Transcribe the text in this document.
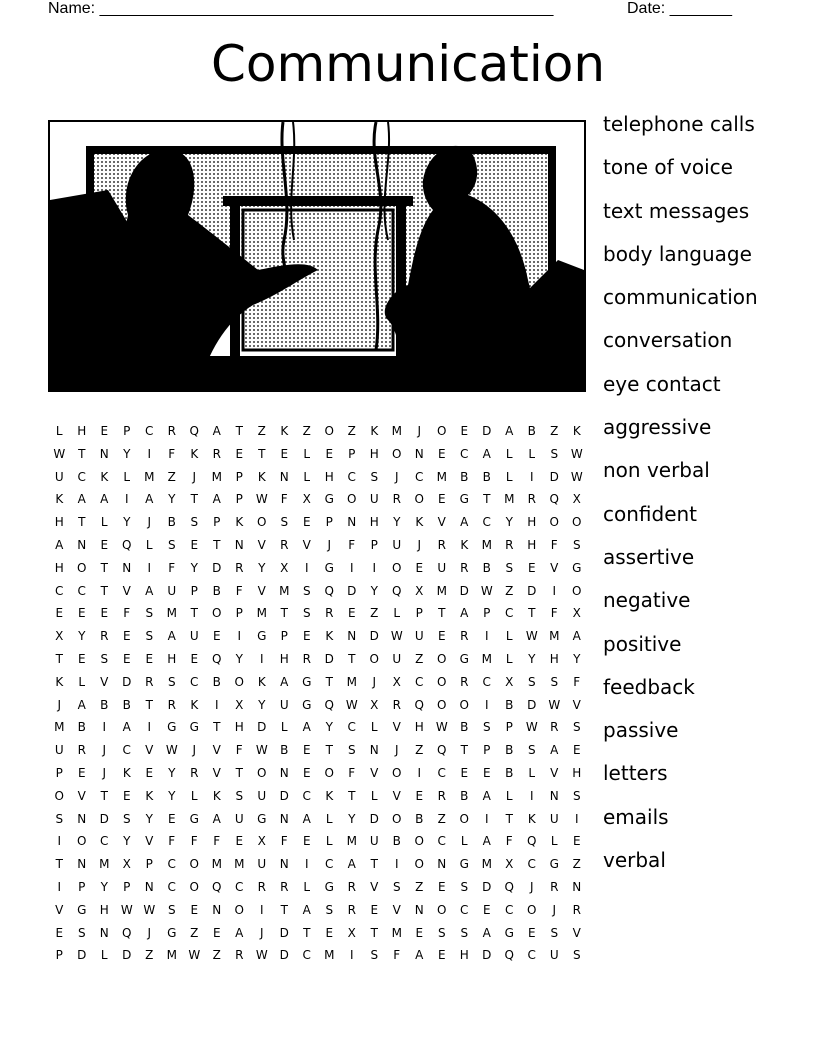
Name: ___________________________________________________	Date: _______
Communication
telephone calls
tone of voice
text messages
body language
communication
conversation
eye contact
aggressive
non verbal
confident
assertive
negative
positive
feedback
passive
letters
emails
verbal
L	H	E	P	C	R	Q	A	T	Z	K	Z	O	Z	K	M	J	O	E	D	A	B	Z	K
W	T	N	Y	I	F	K	R	E	T	E	L	E	P	H	O	N	E	C	A	L	L	S	W
U	C	K	L	M	Z	J	M	P	K	N	L	H	C	S	J	C	M	B	B	L	I	D W
K	A	A	I	A	Y	T	A	P	W	F	X	G	O	U	R	O	E	G	T	M	R	Q	X
H	T	L	Y	J	B	S	P	K	O	S	E	P	N	H	Y	K	V	A	C	Y	H	O	O
A	N	E	Q	L	S	E	T	N	V	R	V	J	F	P	U	J	R	K	M	R	H	F	S
H	O	T	N	I	F	Y	D	R	Y	X	I	G	I	I	O	E	U	R	B	S	E	V	G
C	C	T	V	A	U	P	B	F	V	M	S	Q	D	Y	Q	X	M	D W	Z	D	I	O
E	E	E	F	S	M	T	O	P	M	T	S	R	E	Z	L	P	T	A	P	C	T	F	X
X	Y	R	E	S	A	U	E	I	G	P	E	K	N	D W	U	E	R	I	L	W M	A
T	E	S	E	E	H	E	Q	Y	I	H	R	D	T	O	U	Z	O	G	M	L	Y	H	Y
K	L	V	D	R	S	C	B	O	K	A	G	T	M	J	X	C	O	R	C	X	S	S	F
J	A	B	B	T	R	K	I	X	Y	U	G	Q W	X	R	Q	O	O	I	B	D W	V
M	B	I	A	I	G	G	T	H	D	L	A	Y	C	L	V	H	W	B	S	P	W	R	S
U	R	J	C	V	W	J	V	F	W	B	E	T	S	N	J	Z	Q	T	P	B	S	A	E
P	E	J	K	E	Y	R	V	T	O	N	E	O	F	V	O	I	C	E	E	B	L	V	H
O	V	T	E	K	Y	L	K	S	U	D	C	K	T	L	V	E	R	B	A	L	I	N	S
S	N	D	S	Y	E	G	A	U	G	N	A	L	Y	D	O	B	Z	O	I	T	K	U	I
I	O	C	Y	V	F	F	F	E	X	F	E	L	M	U	B	O	C	L	A	F	Q	L	E
T	N	M	X	P	C	O	M	M	U	N	I	C	A	T	I	O	N	G	M	X	C	G	Z
I	P	Y	P	N	C	O	Q	C	R	R	L	G	R	V	S	Z	E	S	D	Q	J	R	N
V	G	H	W W	S	E	N	O	I	T	A	S	R	E	V	N	O	C	E	C	O	J	R
E	S	N	Q	J	G	Z	E	A	J	D	T	E	X	T	M	E	S	S	A	G	E	S	V
P	D	L	D	Z	M W	Z	R	W D	C	M	I	S	F	A	E	H	D	Q	C	U	S
